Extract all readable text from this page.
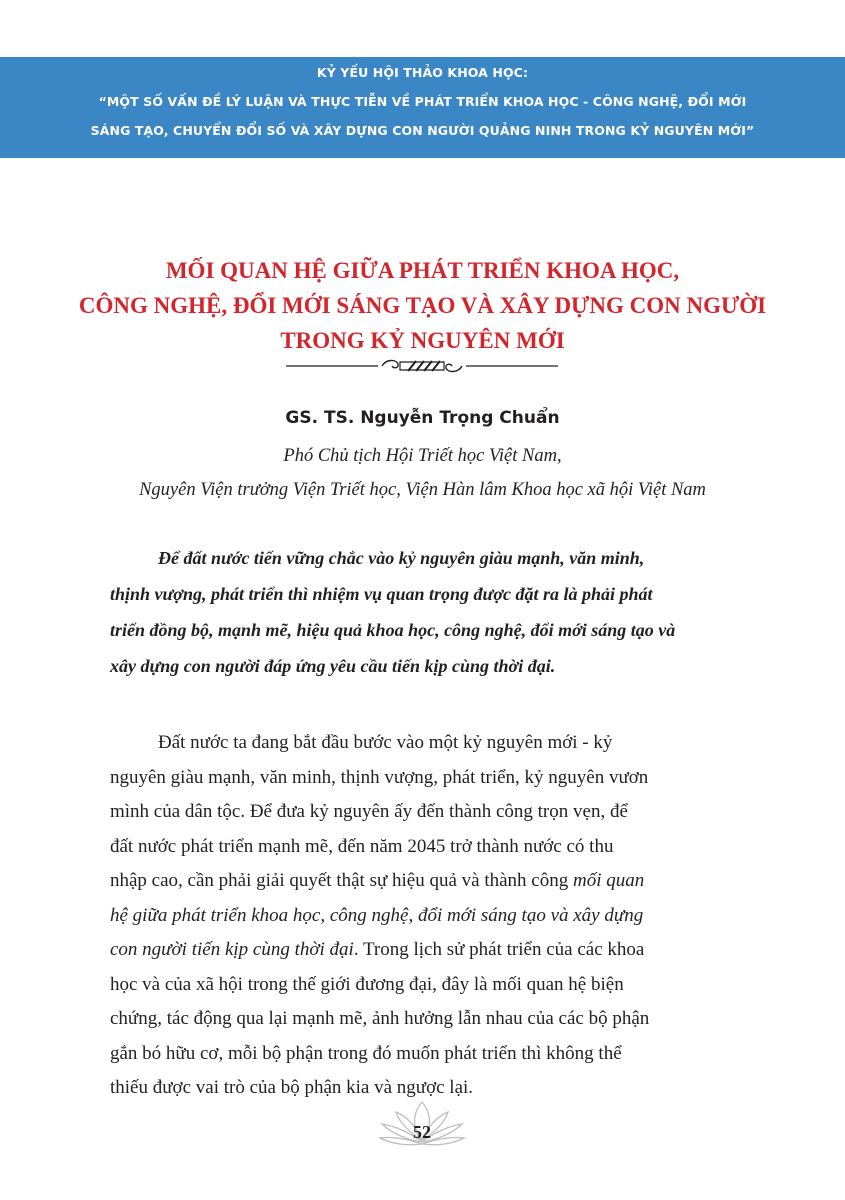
KỶ YẾU HỘI THẢO KHOA HỌC:
“MỘT SỐ VẤN ĐỀ LÝ LUẬN VÀ THỰC TIỄN VỀ PHÁT TRIỂN KHOA HỌC - CÔNG NGHỆ, ĐỔI MỚI
SÁNG TẠO, CHUYỂN ĐỔI SỐ VÀ XÂY DỰNG CON NGƯỜI QUẢNG NINH TRONG KỶ NGUYÊN MỚI”
MỐI QUAN HỆ GIỮA PHÁT TRIỂN KHOA HỌC,
CÔNG NGHỆ, ĐỔI MỚI SÁNG TẠO VÀ XÂY DỰNG CON NGƯỜI
TRONG KỶ NGUYÊN MỚI
GS. TS. Nguyễn Trọng Chuẩn
Phó Chủ tịch Hội Triết học Việt Nam,
Nguyên Viện trưởng Viện Triết học, Viện Hàn lâm Khoa học xã hội Việt Nam
Để đất nước tiến vững chắc vào kỷ nguyên giàu mạnh, văn minh,
thịnh vượng, phát triển thì nhiệm vụ quan trọng được đặt ra là phải phát
triển đồng bộ, mạnh mẽ, hiệu quả khoa học, công nghệ, đổi mới sáng tạo và
xây dựng con người đáp ứng yêu cầu tiến kịp cùng thời đại.
Đất nước ta đang bắt đầu bước vào một kỷ nguyên mới - kỷ
nguyên giàu mạnh, văn minh, thịnh vượng, phát triển, kỷ nguyên vươn
mình của dân tộc. Để đưa kỷ nguyên ấy đến thành công trọn vẹn, để
đất nước phát triển mạnh mẽ, đến năm 2045 trở thành nước có thu
nhập cao, cần phải giải quyết thật sự hiệu quả và thành công mối quan
hệ giữa phát triển khoa học, công nghệ, đổi mới sáng tạo và xây dựng
con người tiến kịp cùng thời đại. Trong lịch sử phát triển của các khoa
học và của xã hội trong thế giới đương đại, đây là mối quan hệ biện
chứng, tác động qua lại mạnh mẽ, ảnh hưởng lẫn nhau của các bộ phận
gắn bó hữu cơ, mỗi bộ phận trong đó muốn phát triển thì không thể
thiếu được vai trò của bộ phận kia và ngược lại.
52
